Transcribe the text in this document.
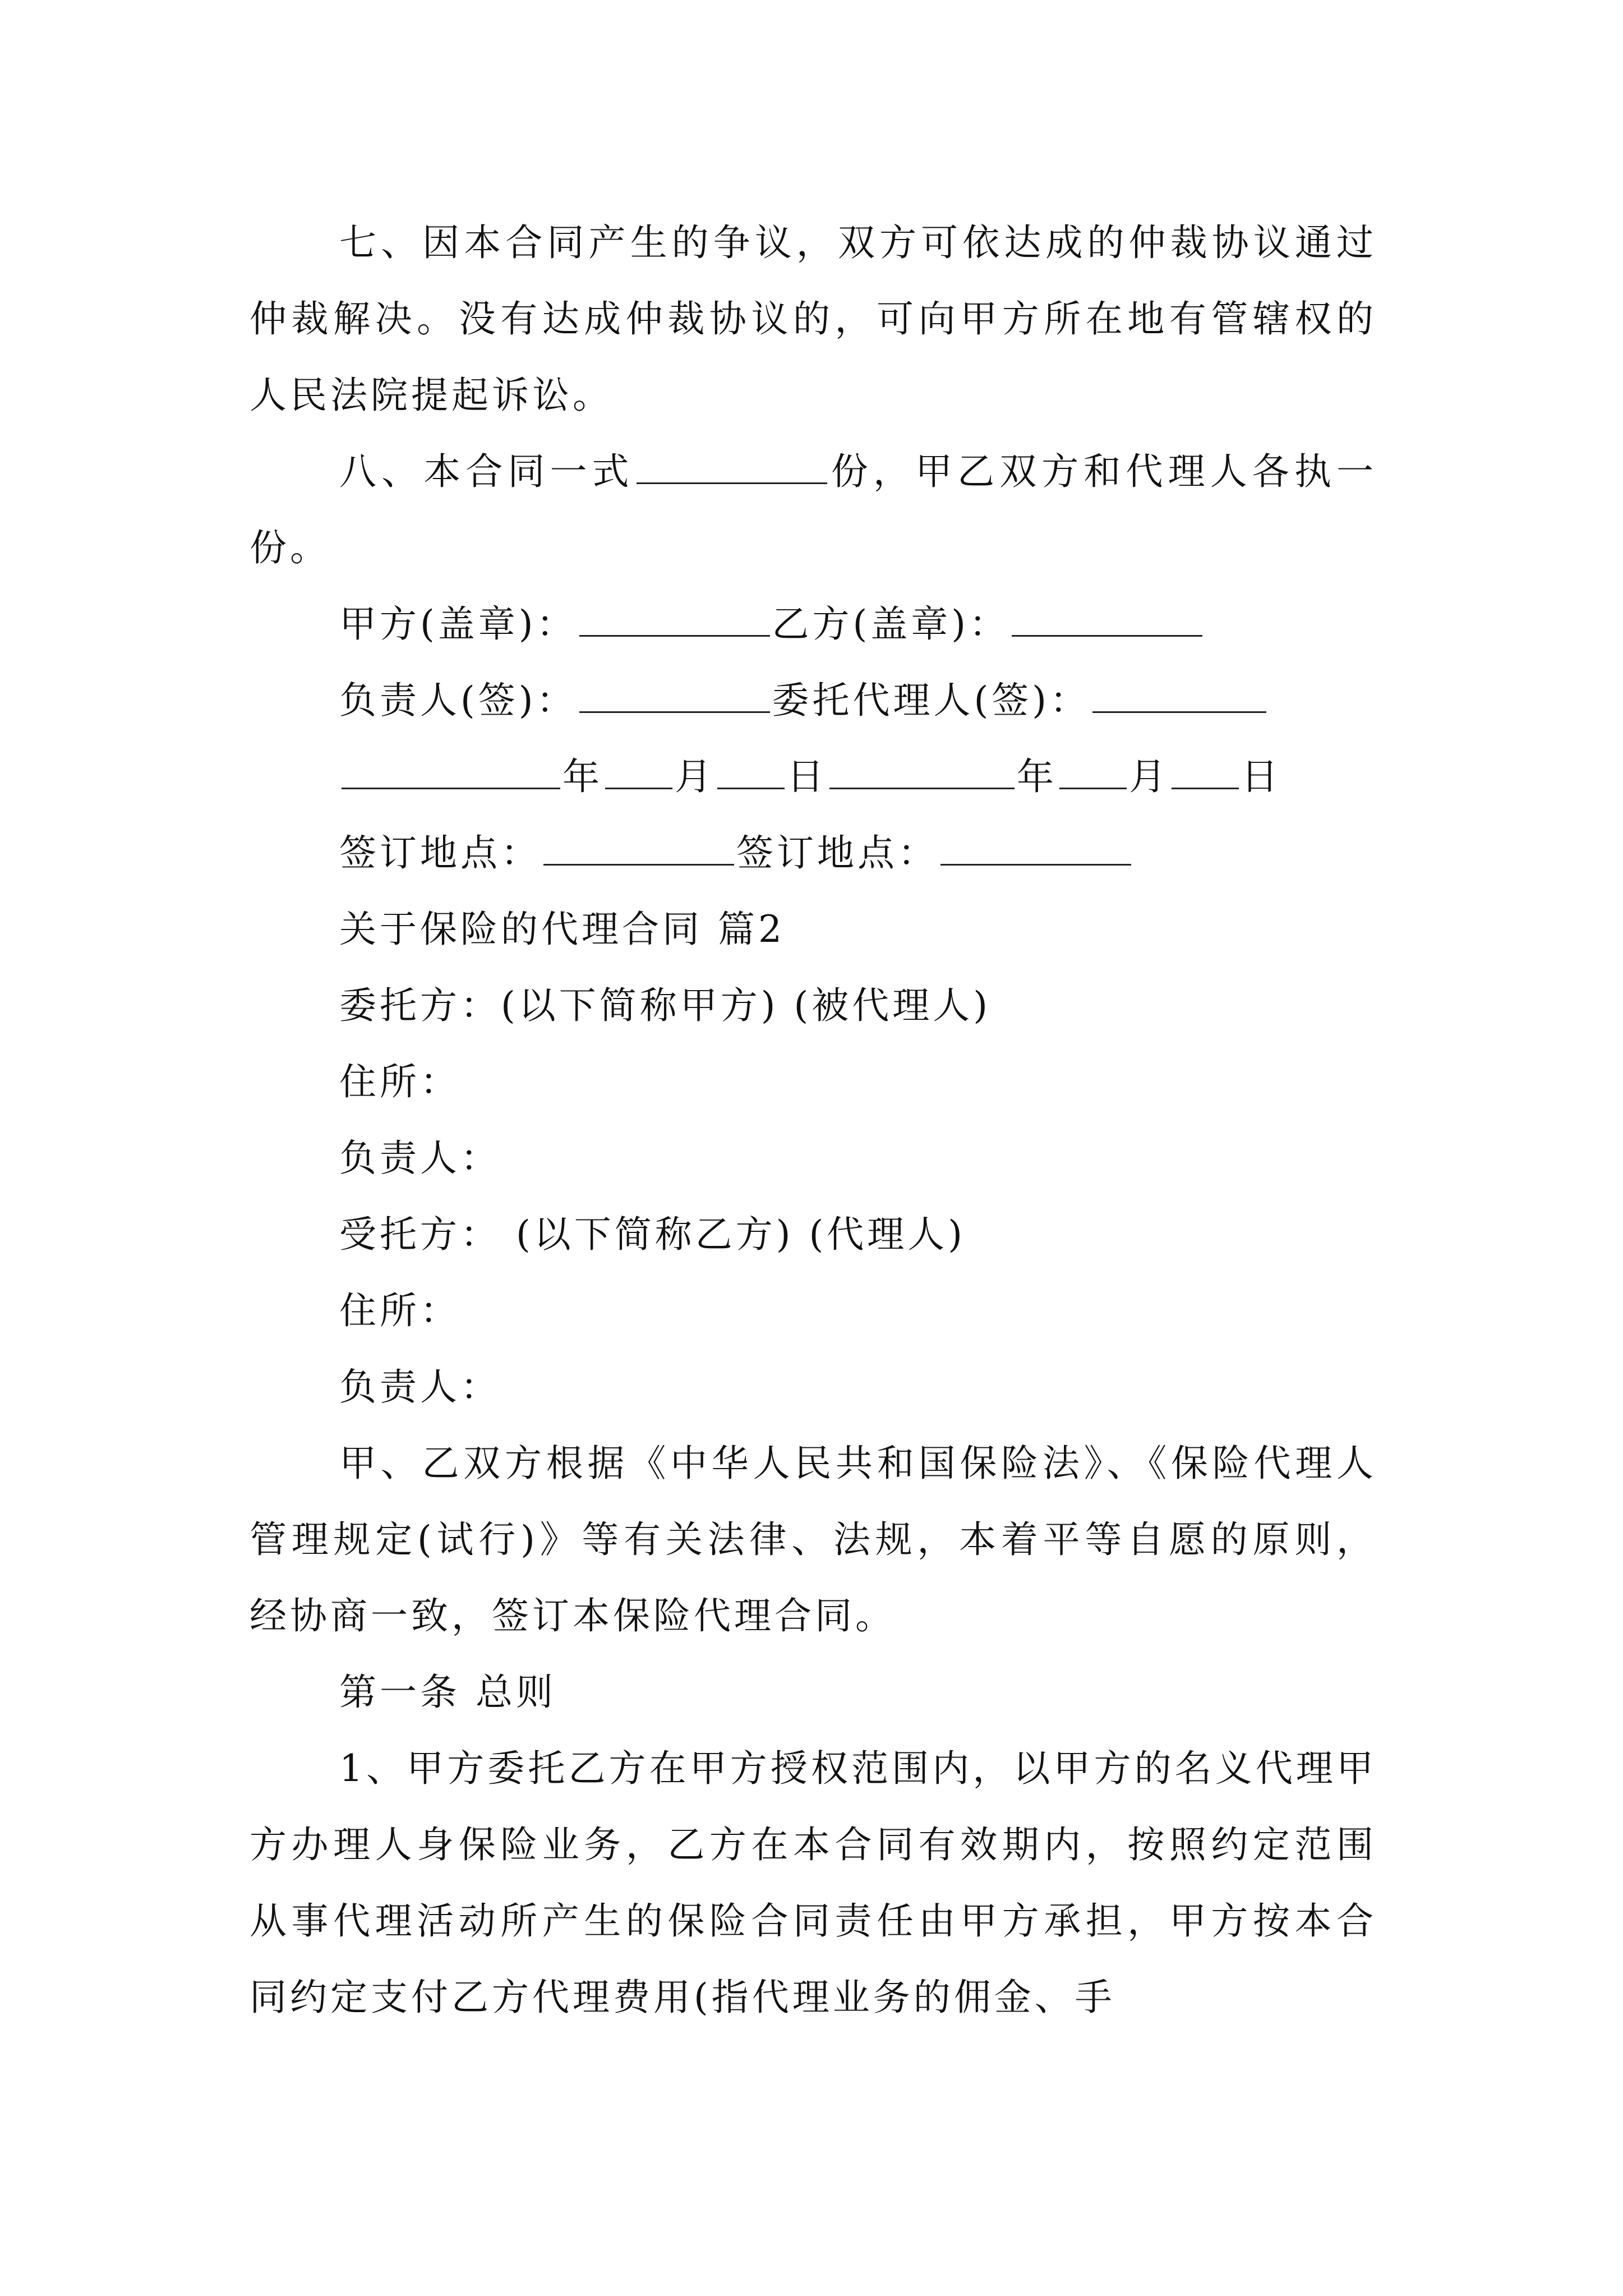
七、因本合同产生的争议，双方可依达成的仲裁协议通过仲裁解决。没有达成仲裁协议的，可向甲方所在地有管辖权的人民法院提起诉讼。

八、本合同一式	份，甲乙双方和代理人各执一份。

甲方(盖章)：	乙方(盖章)：

负责人(签)：	委托代理人(签)：

年 月 日	年 月 日

签订地点：	签订地点：

关于保险的代理合同 篇2

委托方：(以下简称甲方) (被代理人)

住所：

负责人：

受托方： (以下简称乙方) (代理人)

住所：

负责人：

甲、乙双方根据《中华人民共和国保险法》、《保险代理人管理规定(试行)》等有关法律、法规，本着平等自愿的原则， 经协商一致，签订本保险代理合同。

第一条 总则

1、甲方委托乙方在甲方授权范围内，以甲方的名义代理甲方办理人身保险业务，乙方在本合同有效期内，按照约定范围从事代理活动所产生的保险合同责任由甲方承担，甲方按本合同约定支付乙方代理费用(指代理业务的佣金、手
